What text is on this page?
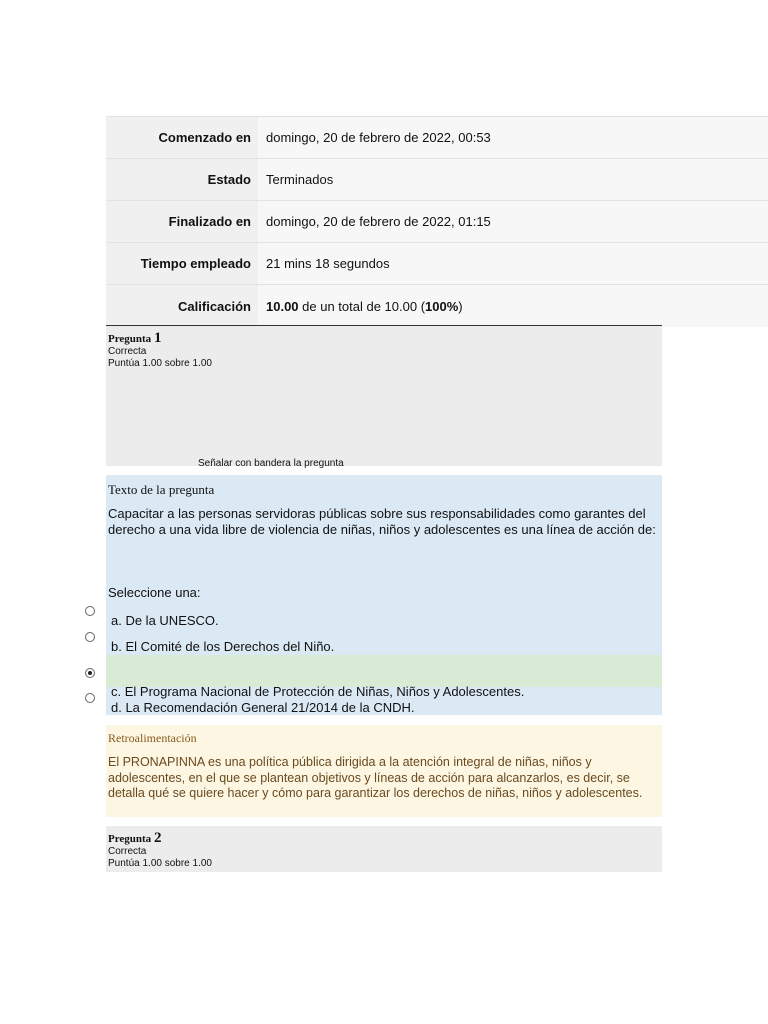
Comenzado en	domingo, 20 de febrero de 2022, 00:53
Estado	Terminados
Finalizado en	domingo, 20 de febrero de 2022, 01:15
Tiempo empleado	21 mins 18 segundos
Calificación	10.00 de un total de 10.00 ( 100% )
Pregunta 1
Correcta
Puntúa 1.00 sobre 1.00
Señalar con bandera la pregunta
Texto de la pregunta
Capacitar a las personas servidoras públicas sobre sus responsabilidades como garantes del derecho a una vida libre de violencia de niñas, niños y adolescentes es una línea de acción de:
Seleccione una:
a. De la UNESCO.
b. El Comité de los Derechos del Niño.
c. El Programa Nacional de Protección de Niñas, Niños y Adolescentes.
d. La Recomendación General 21/2014 de la CNDH.
Retroalimentación
El PRONAPINNA es una política pública dirigida a la atención integral de niñas, niños y adolescentes, en el que se plantean objetivos y líneas de acción para alcanzarlos, es decir, se detalla qué se quiere hacer y cómo para garantizar los derechos de niñas, niños y adolescentes.
Pregunta 2
Correcta
Puntúa 1.00 sobre 1.00
